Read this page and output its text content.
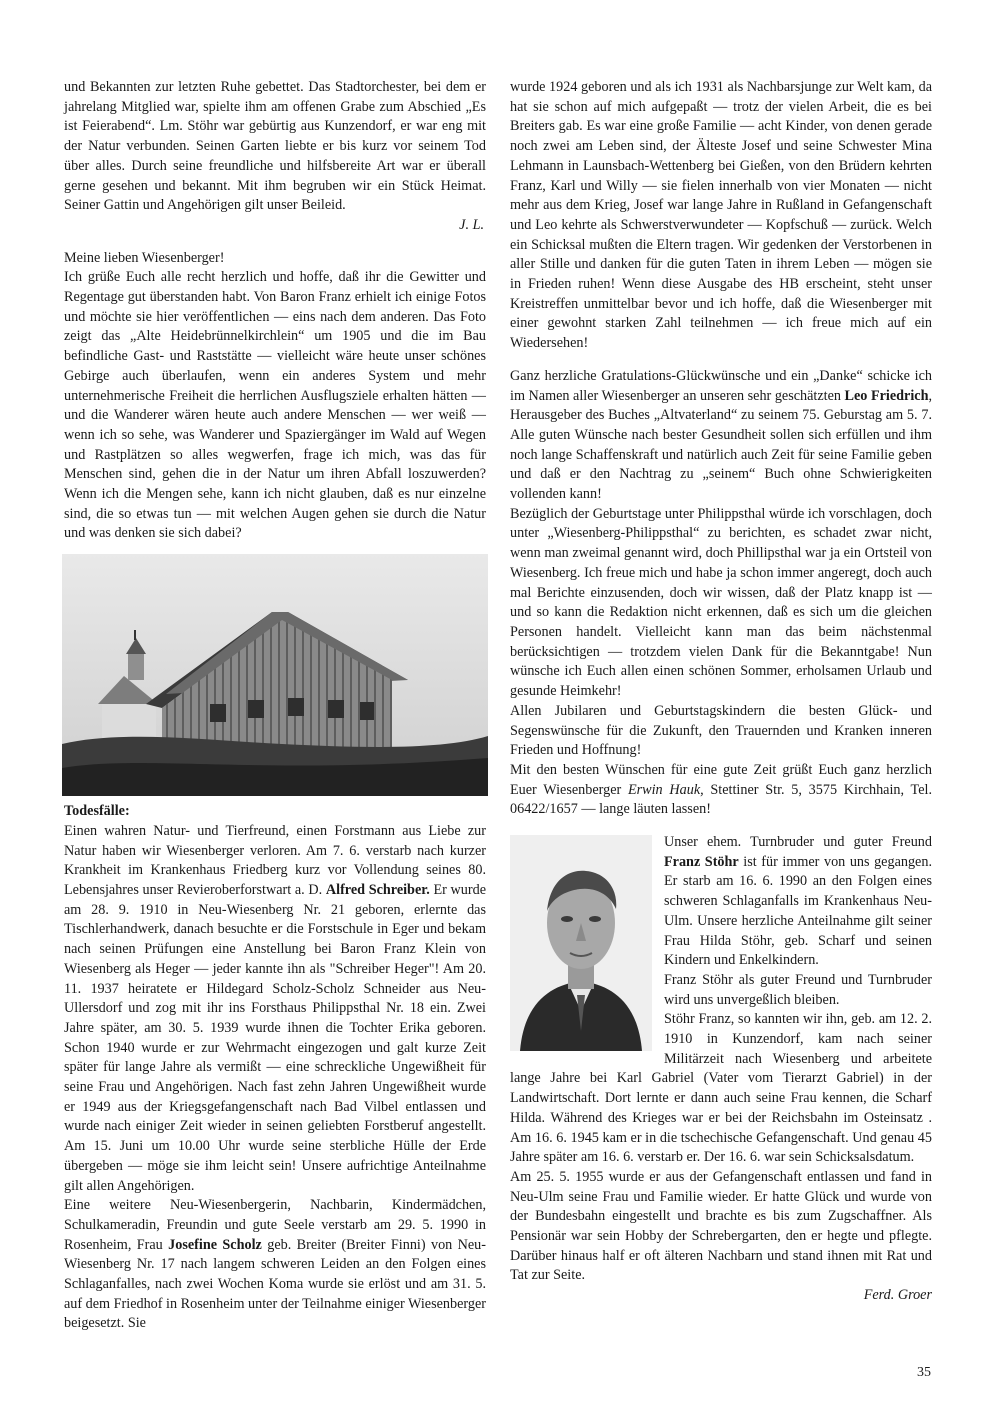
und Bekannten zur letzten Ruhe gebettet. Das Stadtorchester, bei dem er jahrelang Mitglied war, spielte ihm am offenen Grabe zum Abschied „Es ist Feierabend“. Lm. Stöhr war gebürtig aus Kunzendorf, er war eng mit der Natur verbunden. Seinen Garten liebte er bis kurz vor seinem Tod über alles. Durch seine freundliche und hilfsbereite Art war er überall gerne gesehen und bekannt. Mit ihm begruben wir ein Stück Heimat. Seiner Gattin und Angehörigen gilt unser Beileid.
J. L.

Meine lieben Wiesenberger!

Ich grüße Euch alle recht herzlich und hoffe, daß ihr die Gewitter und Regentage gut überstanden habt. Von Baron Franz erhielt ich einige Fotos und möchte sie hier veröffentlichen — eins nach dem anderen. Das Foto zeigt das „Alte Heidebrünnelkirchlein“ um 1905 und die im Bau befindliche Gast- und Raststätte — vielleicht wäre heute unser schönes Gebirge auch überlaufen, wenn ein anderes System und mehr unternehmerische Freiheit die herrlichen Ausflugsziele erhalten hätten — und die Wanderer wären heute auch andere Menschen — wer weiß — wenn ich so sehe, was Wanderer und Spaziergänger im Wald auf Wegen und Rastplätzen so alles wegwerfen, frage ich mich, was das für Menschen sind, gehen die in der Natur um ihren Abfall loszuwerden? Wenn ich die Mengen sehe, kann ich nicht glauben, daß es nur einzelne sind, die so etwas tun — mit welchen Augen gehen sie durch die Natur und was denken sie sich dabei?

Todesfälle:

Einen wahren Natur- und Tierfreund, einen Forstmann aus Liebe zur Natur haben wir Wiesenberger verloren. Am 7. 6. verstarb nach kurzer Krankheit im Krankenhaus Friedberg kurz vor Vollendung seines 80. Lebensjahres unser Revieroberforstwart a. D. Alfred Schreiber. Er wurde am 28. 9. 1910 in Neu-Wiesenberg Nr. 21 geboren, erlernte das Tischlerhandwerk, danach besuchte er die Forstschule in Eger und bekam nach seinen Prüfungen eine Anstellung bei Baron Franz Klein von Wiesenberg als Heger — jeder kannte ihn als "Schreiber Heger"! Am 20. 11. 1937 heiratete er Hildegard Scholz-Scholz Schneider aus Neu-Ullersdorf und zog mit ihr ins Forsthaus Philippsthal Nr. 18 ein. Zwei Jahre später, am 30. 5. 1939 wurde ihnen die Tochter Erika geboren. Schon 1940 wurde er zur Wehrmacht eingezogen und galt kurze Zeit später für lange Jahre als vermißt — eine schreckliche Ungewißheit für seine Frau und Angehörigen. Nach fast zehn Jahren Ungewißheit wurde er 1949 aus der Kriegsgefangenschaft nach Bad Vilbel entlassen und wurde nach einiger Zeit wieder in seinen geliebten Forstberuf angestellt. Am 15. Juni um 10.00 Uhr wurde seine sterbliche Hülle der Erde übergeben — möge sie ihm leicht sein! Unsere aufrichtige Anteilnahme gilt allen Angehörigen.

Eine weitere Neu-Wiesenbergerin, Nachbarin, Kindermädchen, Schulkameradin, Freundin und gute Seele verstarb am 29. 5. 1990 in Rosenheim, Frau Josefine Scholz geb. Breiter (Breiter Finni) von Neu-Wiesenberg Nr. 17 nach langem schweren Leiden an den Folgen eines Schlaganfalles, nach zwei Wochen Koma wurde sie erlöst und am 31. 5. auf dem Friedhof in Rosenheim unter der Teilnahme einiger Wiesenberger beigesetzt. Sie

wurde 1924 geboren und als ich 1931 als Nachbarsjunge zur Welt kam, da hat sie schon auf mich aufgepaßt — trotz der vielen Arbeit, die es bei Breiters gab. Es war eine große Familie — acht Kinder, von denen gerade noch zwei am Leben sind, der Älteste Josef und seine Schwester Mina Lehmann in Launsbach-Wettenberg bei Gießen, von den Brüdern kehrten Franz, Karl und Willy — sie fielen innerhalb von vier Monaten — nicht mehr aus dem Krieg, Josef war lange Jahre in Rußland in Gefangenschaft und Leo kehrte als Schwerstverwundeter — Kopfschuß — zurück. Welch ein Schicksal mußten die Eltern tragen. Wir gedenken der Verstorbenen in aller Stille und danken für die guten Taten in ihrem Leben — mögen sie in Frieden ruhen! Wenn diese Ausgabe des HB erscheint, steht unser Kreistreffen unmittelbar bevor und ich hoffe, daß die Wiesenberger mit einer gewohnt starken Zahl teilnehmen — ich freue mich auf ein Wiedersehen!

Ganz herzliche Gratulations-Glückwünsche und ein „Danke“ schicke ich im Namen aller Wiesenberger an unseren sehr geschätzten Leo Friedrich, Herausgeber des Buches „Altvaterland“ zu seinem 75. Geburstag am 5. 7. Alle guten Wünsche nach bester Gesundheit sollen sich erfüllen und ihm noch lange Schaffenskraft und natürlich auch Zeit für seine Familie geben und daß er den Nachtrag zu „seinem“ Buch ohne Schwierigkeiten vollenden kann!

Bezüglich der Geburtstage unter Philippsthal würde ich vorschlagen, doch unter „Wiesenberg-Philippsthal“ zu berichten, es schadet zwar nicht, wenn man zweimal genannt wird, doch Phillipsthal war ja ein Ortsteil von Wiesenberg. Ich freue mich und habe ja schon immer angeregt, doch auch mal Berichte einzusenden, doch wir wissen, daß der Platz knapp ist — und so kann die Redaktion nicht erkennen, daß es sich um die gleichen Personen handelt. Vielleicht kann man das beim nächstenmal berücksichtigen — trotzdem vielen Dank für die Bekanntgabe! Nun wünsche ich Euch allen einen schönen Sommer, erholsamen Urlaub und gesunde Heimkehr!

Allen Jubilaren und Geburtstagskindern die besten Glück- und Segenswünsche für die Zukunft, den Trauernden und Kranken inneren Frieden und Hoffnung!

Mit den besten Wünschen für eine gute Zeit grüßt Euch ganz herzlich Euer Wiesenberger Erwin Hauk, Stettiner Str. 5, 3575 Kirchhain, Tel. 06422/1657 — lange läuten lassen!

Unser ehem. Turnbruder und guter Freund Franz Stöhr ist für immer von uns gegangen. Er starb am 16. 6. 1990 an den Folgen eines schweren Schlaganfalls im Krankenhaus Neu-Ulm. Unsere herzliche Anteilnahme gilt seiner Frau Hilda Stöhr, geb. Scharf und seinen Kindern und Enkelkindern.

Franz Stöhr als guter Freund und Turnbruder wird uns unvergeßlich bleiben.

Stöhr Franz, so kannten wir ihn, geb. am 12. 2. 1910 in Kunzendorf, kam nach seiner Militärzeit nach Wiesenberg und arbeitete lange Jahre bei Karl Gabriel (Vater vom Tierarzt Gabriel) in der Landwirtschaft. Dort lernte er dann auch seine Frau kennen, die Scharf Hilda. Während des Krieges war er bei der Reichsbahn im Osteinsatz . Am 16. 6. 1945 kam er in die tschechische Gefangenschaft. Und genau 45 Jahre später am 16. 6. verstarb er. Der 16. 6. war sein Schicksalsdatum.

Am 25. 5. 1955 wurde er aus der Gefangenschaft entlassen und fand in Neu-Ulm seine Frau und Familie wieder. Er hatte Glück und wurde von der Bundesbahn eingestellt und brachte es bis zum Zugschaffner. Als Pensionär war sein Hobby der Schrebergarten, den er hegte und pflegte. Darüber hinaus half er oft älteren Nachbarn und stand ihnen mit Rat und Tat zur Seite.

Ferd. Groer

35
